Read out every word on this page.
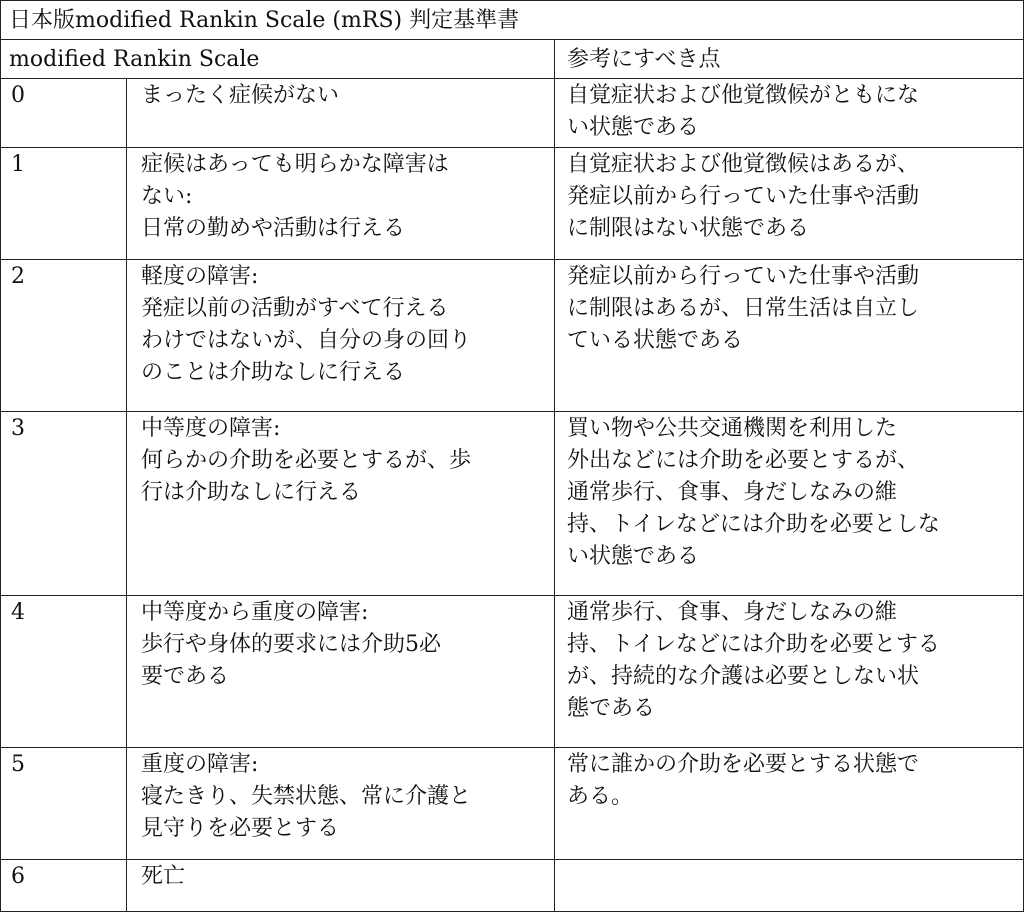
日本版modified Rankin Scale (mRS) 判定基準書		
modified Rankin Scale		参考にすべき点
0	まったく症候がない	自覚症状および他覚徴候がともにな
い状態である
1	症候はあっても明らかな障害は
ない:
日常の勤めや活動は行える	自覚症状および他覚徴候はあるが、
発症以前から行っていた仕事や活動
に制限はない状態である
2	軽度の障害:
発症以前の活動がすべて行える
わけではないが、自分の身の回り
のことは介助なしに行える	発症以前から行っていた仕事や活動
に制限はあるが、日常生活は自立し
ている状態である
3	中等度の障害:
何らかの介助を必要とするが、歩
行は介助なしに行える	買い物や公共交通機関を利用した
外出などには介助を必要とするが、
通常歩行、食事、身だしなみの維
持、トイレなどには介助を必要としな
い状態である
4	中等度から重度の障害:
歩行や身体的要求には介助5必
要である	通常歩行、食事、身だしなみの維
持、トイレなどには介助を必要とする
が、持続的な介護は必要としない状
態である
5	重度の障害:
寝たきり、失禁状態、常に介護と
見守りを必要とする	常に誰かの介助を必要とする状態で
ある。
6	死亡	
